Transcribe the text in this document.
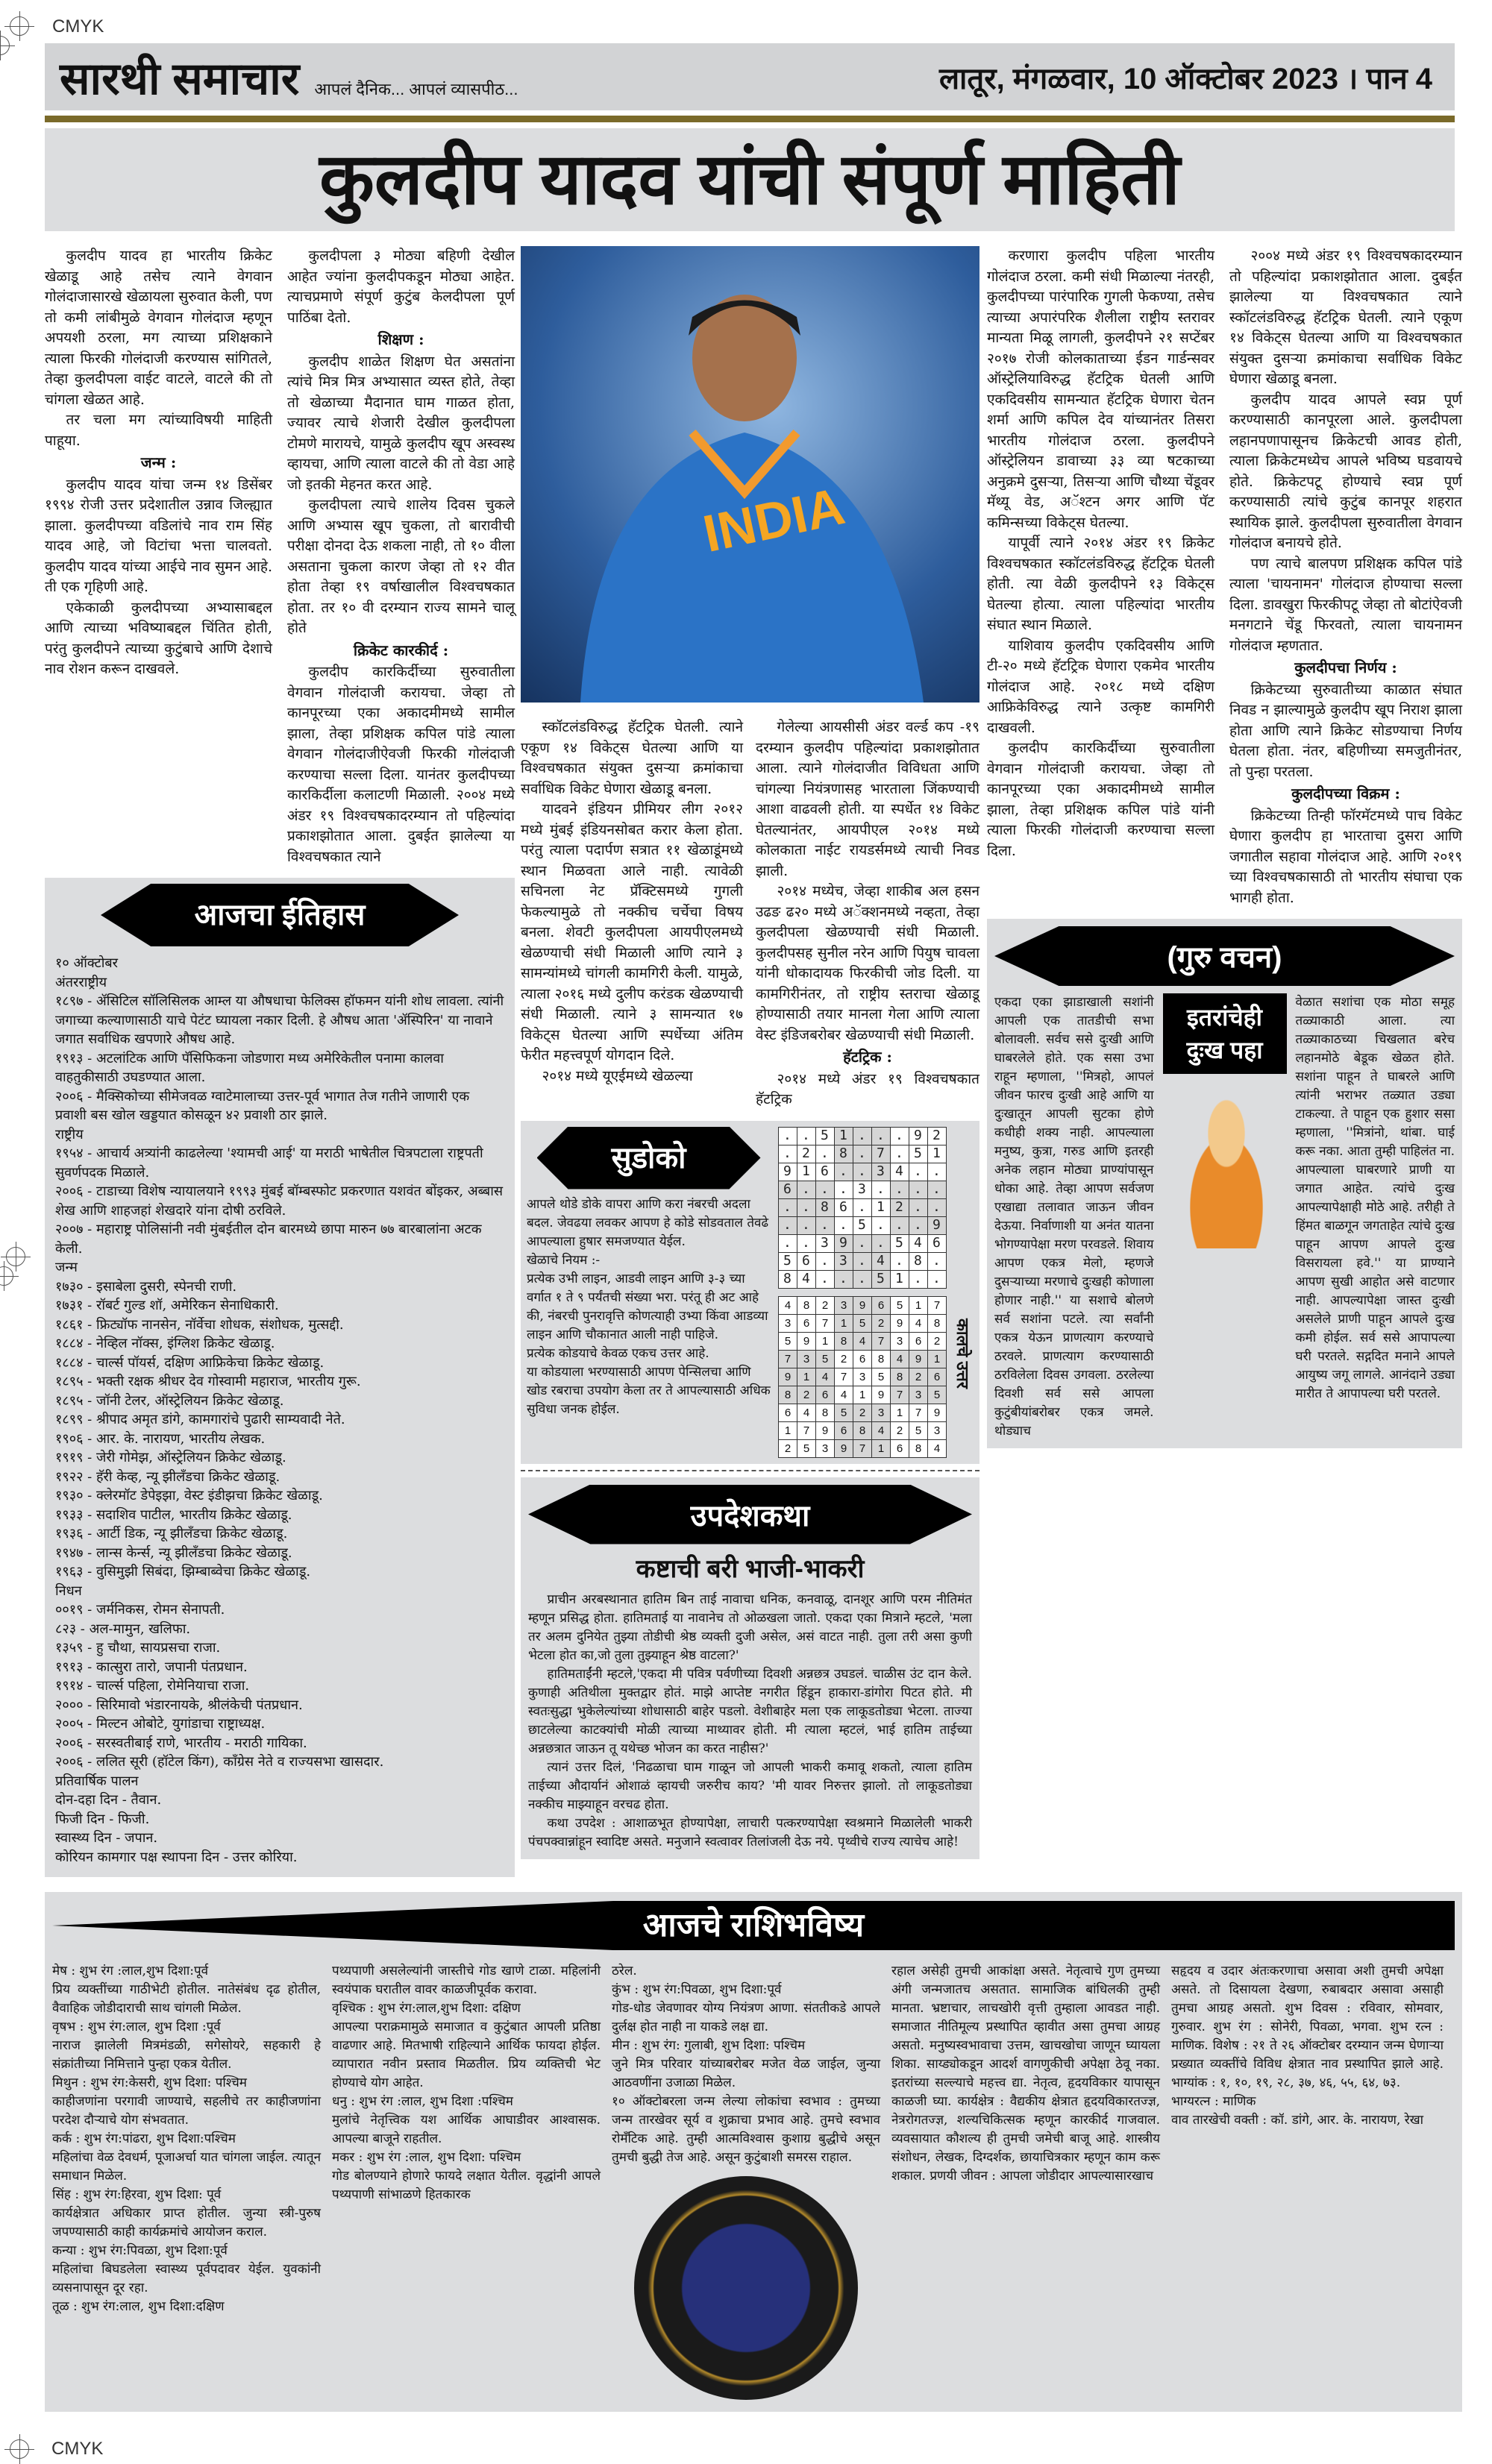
CMYK
सारथी समाचार आपलं दैनिक... आपलं व्यासपीठ...	लातूर, मंगळवार, 10 ऑक्टोबर 2023 । पान 4
कुलदीप यादव यांची संपूर्ण माहिती

कुलदीप यादव हा भारतीय क्रिकेट खेळाडू आहे तसेच त्याने वेगवान गोलंदाजासारखे खेळायला सुरुवात केली, पण तो कमी लांबीमुळे वेगवान गोलंदाज म्हणून अपयशी ठरला, मग त्याच्या प्रशिक्षकाने त्याला फिरकी गोलंदाजी करण्यास सांगितले, तेव्हा कुलदीपला वाईट वाटले, वाटले की तो चांगला खेळत आहे.

तर चला मग त्यांच्याविषयी माहिती पाहूया.

जन्म :

कुलदीप यादव यांचा जन्म १४ डिसेंबर १९९४ रोजी उत्तर प्रदेशातील उन्नाव जिल्ह्यात झाला. कुलदीपच्या वडिलांचे नाव राम सिंह यादव आहे, जो विटांचा भत्ता चालवतो. कुलदीप यादव यांच्या आईचे नाव सुमन आहे. ती एक गृहिणी आहे.

एकेकाळी कुलदीपच्या अभ्यासाबद्दल आणि त्याच्या भविष्याबद्दल चिंतित होती, परंतु कुलदीपने त्याच्या कुटुंबाचे आणि देशाचे नाव रोशन करून दाखवले.

कुलदीपला ३ मोठ्या बहिणी देखील आहेत ज्यांना कुलदीपकडून मोठ्या आहेत. त्याचप्रमाणे संपूर्ण कुटुंब केलदीपला पूर्ण पाठिंबा देतो.

शिक्षण :

कुलदीप शाळेत शिक्षण घेत असतांना त्यांचे मित्र मित्र अभ्यासात व्यस्त होते, तेव्हा तो खेळाच्या मैदानात घाम गाळत होता, ज्यावर त्याचे शेजारी देखील कुलदीपला टोमणे मारायचे, यामुळे कुलदीप खूप अस्वस्थ व्हायचा, आणि त्याला वाटले की तो वेडा आहे जो इतकी मेहनत करत आहे.

कुलदीपला त्याचे शालेय दिवस चुकले आणि अभ्यास खूप चुकला, तो बारावीची परीक्षा दोनदा देऊ शकला नाही, तो १० वीला असताना चुकला कारण जेव्हा तो १२ वीत होता तेव्हा १९ वर्षाखालील विश्वचषकात होता. तर १० वी दरम्यान राज्य सामने चालू होते

क्रिकेट कारकीर्द :

कुलदीप कारकिर्दीच्या सुरुवातीला वेगवान गोलंदाजी करायचा. जेव्हा तो कानपूरच्या एका अकादमीमध्ये सामील झाला, तेव्हा प्रशिक्षक कपिल पांडे त्याला वेगवान गोलंदाजीऐवजी फिरकी गोलंदाजी करण्याचा सल्ला दिला. यानंतर कुलदीपच्या कारकिर्दीला कलाटणी मिळाली. २००४ मध्ये अंडर १९ विश्वचषकादरम्यान तो पहिल्यांदा प्रकाशझोतात आला. दुबईत झालेल्या या विश्वचषकात त्याने

आजचा ईतिहास
१० ऑक्टोबर
अंतरराष्ट्रीय
१८९७ - ॲसिटिल सॉलिसिलक आम्ल या औषधाचा फेलिक्स हॉफमन यांनी शोध लावला. त्यांनी जगाच्या कल्याणासाठी याचे पेटंट घ्यायला नकार दिली. हे औषध आता 'ॲस्पिरिन' या नावाने जगात सर्वाधिक खपणारे औषध आहे.
१९१३ - अटलांटिक आणि पॅसिफिकना जोडणारा मध्य अमेरिकेतील पनामा कालवा वाहतुकीसाठी उघडण्यात आला.
२००६ - मैक्सिकोच्या सीमेजवळ ग्वाटेमालाच्या उत्तर-पूर्व भागात तेज गतीने जाणारी एक प्रवाशी बस खोल खड्डयात कोसळून ४२ प्रवाशी ठार झाले.
राष्ट्रीय
१९५४ - आचार्य अत्र्यांनी काढलेल्या 'श्यामची आई' या मराठी भाषेतील चित्रपटाला राष्ट्रपती सुवर्णपदक मिळाले.
२००६ - टाडाच्या विशेष न्यायालयाने १९९३ मुंबई बॉम्बस्फोट प्रकरणात यशवंत बोंइकर, अब्बास शेख आणि शाहजहां शेखदारे यांना दोषी ठरविले.
२००७ - महाराष्ट्र पोलिसांनी नवी मुंबईतील दोन बारमध्ये छापा मारुन ७७ बारबालांना अटक केली.
जन्म
१७३० - इसाबेला दुसरी, स्पेनची राणी.
१७३१ - रॉबर्ट गुल्ड शॉ, अमेरिकन सेनाधिकारी.
१८६१ - फ्रिट्यॉफ नानसेन, नॉर्वेचा शोधक, संशोधक, मुत्सद्दी.
१८८४ - नेव्हिल नॉक्स, इंग्लिश क्रिकेट खेळाडू.
१८८४ - चार्ल्स पॉयर्स, दक्षिण आफ्रिकेचा क्रिकेट खेळाडू.
१८९५ - भक्ती रक्षक श्रीधर देव गोस्वामी महाराज, भारतीय गुरू.
१८९५ - जॉनी टेलर, ऑस्ट्रेलियन क्रिकेट खेळाडू.
१८९९ - श्रीपाद अमृत डांगे, कामगारांचे पुढारी साम्यवादी नेते.
१९०६ - आर. के. नारायण, भारतीय लेखक.
१९१९ - जेरी गोमेझ, ऑस्ट्रेलियन क्रिकेट खेळाडू.
१९२२ - हॅरी केव्ह, न्यू झीलँडचा क्रिकेट खेळाडू.
१९३० - क्लेरमॉट डेपेइझा, वेस्ट इंडीझचा क्रिकेट खेळाडू.
१९३३ - सदाशिव पाटील, भारतीय क्रिकेट खेळाडू.
१९३६ - आर्टी डिक, न्यू झीलँडचा क्रिकेट खेळाडू.
१९४७ - लान्स केर्न्स, न्यू झीलँडचा क्रिकेट खेळाडू.
१९६३ - वुसिमुझी सिबंदा, झिम्बाब्वेचा क्रिकेट खेळाडू.
निधन
००१९ - जर्मनिकस, रोमन सेनापती.
८२३ - अल-मामुन, खलिफा.
१३५९ - हु चौथा, सायप्रसचा राजा.
१९१३ - कात्सुरा तारो, जपानी पंतप्रधान.
१९१४ - चार्ल्स पहिला, रोमेनियाचा राजा.
२००० - सिरिमावो भंडारनायके, श्रीलंकेची पंतप्रधान.
२००५ - मिल्टन ओबोटे, युगांडाचा राष्ट्राध्यक्ष.
२००६ - सरस्वतीबाई राणे, भारतीय - मराठी गायिका.
२००६ - ललित सूरी (हॉटेल किंग), कॉंग्रेस नेते व राज्यसभा खासदार.
प्रतिवार्षिक पालन
दोन-दहा दिन - तैवान.
फिजी दिन - फिजी.
स्वास्थ्य दिन - जपान.
कोरियन कामगार पक्ष स्थापना दिन - उत्तर कोरिया.
INDIA

स्कॉटलंडविरुद्ध हॅटट्रिक घेतली. त्याने एकूण १४ विकेट्स घेतल्या आणि या विश्वचषकात संयुक्त दुसऱ्या क्रमांकाचा सर्वाधिक विकेट घेणारा खेळाडू बनला.

यादवने इंडियन प्रीमियर लीग २०१२ मध्ये मुंबई इंडियनसोबत करार केला होता. परंतु त्याला पदार्पण सत्रात ११ खेळाडूंमध्ये स्थान मिळवता आले नाही. त्यावेळी सचिनला नेट प्रॅक्टिसमध्ये गुगली फेकल्यामुळे तो नक्कीच चर्चेचा विषय बनला. शेवटी कुलदीपला आयपीएलमध्ये खेळण्याची संधी मिळाली आणि त्याने ३ सामन्यांमध्ये चांगली कामगिरी केली. यामुळे, त्याला २०१६ मध्ये दुलीप करंडक खेळण्याची संधी मिळाली. त्याने ३ सामन्यात १७ विकेट्स घेतल्या आणि स्पर्धेच्या अंतिम फेरीत महत्त्वपूर्ण योगदान दिले.

२०१४ मध्ये यूएईमध्ये खेळल्या

गेलेल्या आयसीसी अंडर वर्ल्ड कप -१९ दरम्यान कुलदीप पहिल्यांदा प्रकाशझोतात आला. त्याने गोलंदाजीत विविधता आणि चांगल्या नियंत्रणासह भारताला जिंकण्याची आशा वाढवली होती. या स्पर्धेत १४ विकेट घेतल्यानंतर, आयपीएल २०१४ मध्ये कोलकाता नाईट रायडर्समध्ये त्याची निवड झाली.

२०१४ मध्येच, जेव्हा शाकीब अल हसन उढङ ढ२० मध्ये अॅक्शनमध्ये नव्हता, तेव्हा कुलदीपला खेळण्याची संधी मिळाली. कुलदीपसह सुनील नरेन आणि पियुष चावला यांनी धोकादायक फिरकीची जोड दिली. या कामगिरीनंतर, तो राष्ट्रीय स्तराचा खेळाडू होण्यासाठी तयार मानला गेला आणि त्याला वेस्ट इंडिजबरोबर खेळण्याची संधी मिळाली.

हॅटट्रिक :

२०१४ मध्ये अंडर १९ विश्वचषकात हॅटट्रिक

सुडोको
आपले थोडे डोके वापरा आणि करा नंबरची अदला बदल. जेवढया लवकर आपण हे कोडे सोडवताल तेवढे आपल्याला हुषार समजण्यात येईल.
खेळाचे नियम :-
प्रत्येक उभी लाइन, आडवी लाइन आणि ३-३ च्या वर्गात १ ते ९ पर्यंतची संख्या भरा. परंतू ही अट आहे की, नंबरची पुनरावृत्ति कोणत्याही उभ्या किंवा आडव्या लाइन आणि चौकानात आली नाही पाहिजे.
प्रत्येक कोडयाचे केवळ एकच उत्तर आहे.
या कोडयाला भरण्यासाठी आपण पेन्सिलचा आणि खोड रबराचा उपयोग केला तर ते आपल्यासाठी अधिक सुविधा जनक होईल.

..51...92
.2.8.7.51
916..34..
6...3....
..86.12..
....5...9
..39..546
56.3.4.8.
84...51..
4	8	2	3	9	6	5	1	7
3	6	7	1	5	2	9	4	8
5	9	1	8	4	7	3	6	2
7	3	5	2	6	8	4	9	1
9	1	4	7	3	5	8	2	6
8	2	6	4	1	9	7	3	5
6	4	8	5	2	3	1	7	9
1	7	9	6	8	4	2	5	3
2	5	3	9	7	1	6	8	4
कालचे उत्तर
उपदेशकथा
कष्टाची बरी भाजी-भाकरी

प्राचीन अरबस्थानात हातिम बिन ताई नावाचा धनिक, कनवाळू, दानशूर आणि परम नीतिमंत म्हणून प्रसिद्ध होता. हातिमताई या नावानेच तो ओळखला जातो. एकदा एका मित्राने म्हटले, 'मला तर अलम दुनियेत तुझ्या तोडीची श्रेष्ठ व्यक्ती दुजी असेल, असं वाटत नाही. तुला तरी असा कुणी भेटला होत का,जो तुला तुझ्याहून श्रेष्ठ वाटला?'

हातिमताईंनी म्हटले,'एकदा मी पवित्र पर्वणीच्या दिवशी अन्नछत्र उघडलं. चाळीस उंट दान केले. कुणाही अतिथीला मुक्तद्वार होतं. माझे आप्तेष्ट नगरीत हिंडून हाकारा-डांगोरा पिटत होते. मी स्वतःसुद्धा भुकेलेल्यांच्या शोधासाठी बाहेर पडलो. वेशीबाहेर मला एक लाकूडतोड्या भेटला. ताज्या छाटलेल्या काटक्यांची मोळी त्याच्या माथ्यावर होती. मी त्याला म्हटलं, भाई हातिम ताईच्या अन्नछत्रात जाऊन तू यथेच्छ भोजन का करत नाहीस?'

त्यानं उत्तर दिलं, 'निढळाचा घाम गाळून जो आपली भाकरी कमावू शकतो, त्याला हातिम ताईच्या औदार्यानं ओशाळं व्हायची जरुरीच काय? 'मी यावर निरुत्तर झालो. तो लाकूडतोड्या नक्कीच माझ्याहून वरचढ होता.

कथा उपदेश : आशाळभूत होण्यापेक्षा, लाचारी पत्करण्यापेक्षा स्वश्रमाने मिळालेली भाकरी पंचपक्वान्नांहून स्वादिष्ट असते. मनुजाने स्वत्वावर तिलांजली देऊ नये. पृथ्वीचे राज्य त्याचेच आहे!

करणारा कुलदीप पहिला भारतीय गोलंदाज ठरला. कमी संधी मिळाल्या नंतरही, कुलदीपच्या पारंपारिक गुगली फेकण्या, तसेच त्याच्या अपारंपरिक शैलीला राष्ट्रीय स्तरावर मान्यता मिळू लागली, कुलदीपने २१ सप्टेंबर २०१७ रोजी कोलकाताच्या ईडन गार्डन्सवर ऑस्ट्रेलियाविरुद्ध हॅटट्रिक घेतली आणि एकदिवसीय सामन्यात हॅटट्रिक घेणारा चेतन शर्मा आणि कपिल देव यांच्यानंतर तिसरा भारतीय गोलंदाज ठरला. कुलदीपने ऑस्ट्रेलियन डावाच्या ३३ व्या षटकाच्या अनुक्रमे दुसऱ्या, तिसऱ्या आणि चौथ्या चेंडूवर मॅथ्यू वेड, अॅश्टन अगर आणि पॅट कमिन्सच्या विकेट्स घेतल्या.

यापूर्वी त्याने २०१४ अंडर १९ क्रिकेट विश्वचषकात स्कॉटलंडविरुद्ध हॅटट्रिक घेतली होती. त्या वेळी कुलदीपने १३ विकेट्स घेतल्या होत्या. त्याला पहिल्यांदा भारतीय संघात स्थान मिळाले.

याशिवाय कुलदीप एकदिवसीय आणि टी-२० मध्ये हॅटट्रिक घेणारा एकमेव भारतीय गोलंदाज आहे. २०१८ मध्ये दक्षिण आफ्रिकेविरुद्ध त्याने उत्कृष्ट कामगिरी दाखवली.

कुलदीप कारकिर्दीच्या सुरुवातीला वेगवान गोलंदाजी करायचा. जेव्हा तो कानपूरच्या एका अकादमीमध्ये सामील झाला, तेव्हा प्रशिक्षक कपिल पांडे यांनी त्याला फिरकी गोलंदाजी करण्याचा सल्ला दिला.

२००४ मध्ये अंडर १९ विश्वचषकादरम्यान तो पहिल्यांदा प्रकाशझोतात आला. दुबईत झालेल्या या विश्वचषकात त्याने स्कॉटलंडविरुद्ध हॅटट्रिक घेतली. त्याने एकूण १४ विकेट्स घेतल्या आणि या विश्वचषकात संयुक्त दुसऱ्या क्रमांकाचा सर्वाधिक विकेट घेणारा खेळाडू बनला.

कुलदीप यादव आपले स्वप्न पूर्ण करण्यासाठी कानपूरला आले. कुलदीपला लहानपणापासूनच क्रिकेटची आवड होती, त्याला क्रिकेटमध्येच आपले भविष्य घडवायचे होते. क्रिकेटपटू होण्याचे स्वप्न पूर्ण करण्यासाठी त्यांचे कुटुंब कानपूर शहरात स्थायिक झाले. कुलदीपला सुरुवातीला वेगवान गोलंदाज बनायचे होते.

पण त्याचे बालपण प्रशिक्षक कपिल पांडे त्याला 'चायनामन' गोलंदाज होण्याचा सल्ला दिला. डावखुरा फिरकीपटू जेव्हा तो बोटांऐवजी मनगटाने चेंडू फिरवतो, त्याला चायनामन गोलंदाज म्हणतात.

कुलदीपचा निर्णय :

क्रिकेटच्या सुरुवातीच्या काळात संघात निवड न झाल्यामुळे कुलदीप खूप निराश झाला होता आणि त्याने क्रिकेट सोडण्याचा निर्णय घेतला होता. नंतर, बहिणीच्या समजुतीनंतर, तो पुन्हा परतला.

कुलदीपच्या विक्रम :

क्रिकेटच्या तिन्ही फॉरमॅटमध्ये पाच विकेट घेणारा कुलदीप हा भारताचा दुसरा आणि जगातील सहावा गोलंदाज आहे. आणि २०१९ च्या विश्वचषकासाठी तो भारतीय संघाचा एक भागही होता.

(गुरु वचन)
एकदा एका झाडाखाली सशांनी आपली एक तातडीची सभा बोलावली. सर्वच ससे दुःखी आणि घाबरलेले होते. एक ससा उभा राहून म्हणाला, ''मित्रहो, आपलं जीवन फारच दुःखी आहे आणि या दुःखातून आपली सुटका होणे कधीही शक्य नाही. आपल्याला मनुष्य, कुत्रा, गरुड आणि इतरही अनेक लहान मोठ्या प्राण्यांपासून धोका आहे. तेव्हा आपण सर्वजण एखाद्या तलावात जाऊन जीवन देऊया. निर्वाणाशी या अनंत यातना भोगण्यापेक्षा मरण परवडले. शिवाय आपण एकत्र मेलो, म्हणजे दुसऱ्याच्या मरणाचे दुःखही कोणाला होणार नाही.'' या सशाचे बोलणे सर्व सशांना पटले. त्या सर्वांनी एकत्र येऊन प्राणत्याग करण्याचे ठरवले. प्राणत्याग करण्यासाठी ठरविलेला दिवस उगवला. ठरलेल्या दिवशी सर्व ससे आपला कुटुंबीयांबरोबर एकत्र जमले. थोड्याच
इतरांचेही दुःख पहा
वेळात सशांचा एक मोठा समूह तळ्याकाठी आला. त्या तळ्याकाठच्या चिखलात बरेच लहानमोठे बेडूक खेळत होते. सशांना पाहून ते घाबरले आणि त्यांनी भराभर तळ्यात उड्या टाकल्या. ते पाहून एक हुशार ससा म्हणाला, ''मित्रांनो, थांबा. घाई करू नका. आता तुम्ही पाहिलंत ना. आपल्याला घाबरणारे प्राणी या जगात आहेत. त्यांचे दुःख आपल्यापेक्षाही मोठे आहे. तरीही ते हिंमत बाळगून जगताहेत त्यांचे दुःख पाहून आपण आपले दुःख विसरायला हवे.'' या प्राण्याने आपण सुखी आहोत असे वाटणार नाही. आपल्यापेक्षा जास्त दुःखी असलेले प्राणी पाहून आपले दुःख कमी होईल. सर्व ससे आपापल्या घरी परतले. सद्गदित मनाने आपले आयुष्य जगू लागले. आनंदाने उड्या मारीत ते आपापल्या घरी परतले.
आजचे राशिभविष्य
मेष : शुभ रंग :लाल,शुभ दिशा:पूर्व
प्रिय व्यक्तींच्या गाठीभेटी होतील. नातेसंबंध दृढ होतील, वैवाहिक जोडीदाराची साथ चांगली मिळेल.
वृषभ : शुभ रंग:लाल, शुभ दिशा :पूर्व
नाराज झालेली मित्रमंडळी, सगेसोयरे, सहकारी हे संक्रांतीच्या निमित्ताने पुन्हा एकत्र येतील.
मिथुन : शुभ रंग:केसरी, शुभ दिशा: पश्चिम
काहीजणांना परगावी जाण्याचे, सहलीचे तर काहीजणांना परदेश दौऱ्याचे योग संभवतात.
कर्क : शुभ रंग:पांढरा, शुभ दिशा:पश्चिम
महिलांचा वेळ देवधर्म, पूजाअर्चा यात चांगला जाईल. त्यातून समाधान मिळेल.
सिंह : शुभ रंग:हिरवा, शुभ दिशा: पूर्व
कार्यक्षेत्रात अधिकार प्राप्त होतील. जुन्या स्त्री-पुरुष जपण्यासाठी काही कार्यक्रमांचे आयोजन कराल.
कन्या : शुभ रंग:पिवळा, शुभ दिशा:पूर्व
महिलांचा बिघडलेला स्वास्थ्य पूर्वपदावर येईल. युवकांनी व्यसनापासून दूर रहा.
तूळ : शुभ रंग:लाल, शुभ दिशा:दक्षिण
पथ्यपाणी असलेल्यांनी जास्तीचे गोड खाणे टाळा. महिलांनी स्वयंपाक घरातील वावर काळजीपूर्वक करावा.
वृश्चिक : शुभ रंग:लाल,शुभ दिशा: दक्षिण
आपल्या पराक्रमामुळे समाजात व कुटुंबात आपली प्रतिष्ठा वाढणार आहे. मितभाषी राहिल्याने आर्थिक फायदा होईल. व्यापारात नवीन प्रस्ताव मिळतील. प्रिय व्यक्तिची भेट होण्याचे योग आहेत.
धनु : शुभ रंग :लाल, शुभ दिशा :पश्चिम
मुलांचे नेतृत्त्विक यश आर्थिक आघाडीवर आश्वासक. आपल्या बाजूने राहतील.
मकर : शुभ रंग :लाल, शुभ दिशा: पश्चिम
गोड बोलण्याने होणारे फायदे लक्षात येतील. वृद्धांनी आपले पथ्यपाणी सांभाळणे हितकारक
ठरेल.
कुंभ : शुभ रंग:पिवळा, शुभ दिशा:पूर्व
गोड-धोड जेवणावर योग्य नियंत्रण आणा. संततीकडे आपले दुर्लक्ष होत नाही ना याकडे लक्ष द्या.
मीन : शुभ रंग: गुलाबी, शुभ दिशा: पश्चिम
जुने मित्र परिवार यांच्याबरोबर मजेत वेळ जाईल, जुन्या आठवणींना उजाळा मिळेल.
१० ऑक्टोबरला जन्म लेल्या लोकांचा स्वभाव : तुमच्या जन्म तारखेवर सूर्य व शुक्राचा प्रभाव आहे. तुमचे स्वभाव रोमँटिक आहे. तुम्ही आत्मविश्वास कुशाग्र बुद्धीचे असून तुमची बुद्धी तेज आहे. असून कुटुंबाशी समरस राहाल.
रहाल असेही तुमची आकांक्षा असते. नेतृत्वाचे गुण तुमच्या अंगी जन्मजातच असतात. सामाजिक बांधिलकी तुम्ही मानता. भ्रष्टाचार, लाचखोरी वृत्ती तुम्हाला आवडत नाही. समाजात नीतिमूल्य प्रस्थापित व्हावीत असा तुमचा आग्रह असतो. मनुष्यस्वभावाचा उत्तम, खाचखोचा जाणून घ्यायला शिका. साय्ड्योकडून आदर्श वागणुकीची अपेक्षा ठेवू नका. इतरांच्या सल्ल्याचे महत्त्व द्या. नेतृत्व, हृदयविकार यापासून काळजी घ्या. कार्यक्षेत्र : वैद्यकीय क्षेत्रात हृदयविकारतज्ज्ञ, नेत्ररोगतज्ज्ञ, शल्यचिकित्सक म्हणून कारकीर्द गाजवाल. व्यवसायात कौशल्य ही तुमची जमेची बाजू आहे. शास्त्रीय संशोधन, लेखक, दिग्दर्शक, छायाचित्रकार म्हणून काम करू शकाल. प्रणयी जीवन : आपला जोडीदार आपल्यासारखाच
सहृदय व उदार अंतःकरणाचा असावा अशी तुमची अपेक्षा असते. तो दिसायला देखणा, रुबाबदार असावा असाही तुमचा आग्रह असतो. शुभ दिवस : रविवार, सोमवार, गुरुवार. शुभ रंग : सोनेरी, पिवळा, भगवा. शुभ रत्न : माणिक. विशेष : २१ ते २६ ऑक्टोबर दरम्यान जन्म घेणाऱ्या प्रख्यात व्यक्तींचे विविध क्षेत्रात नाव प्रस्थापित झाले आहे. भाग्यांक : १, १०, १९, २८, ३७, ४६, ५५, ६४, ७३.
भाग्यरत्न : माणिक
वाव तारखेची वक्ती : कॉ. डांगे, आर. के. नारायण, रेखा
CMYK
